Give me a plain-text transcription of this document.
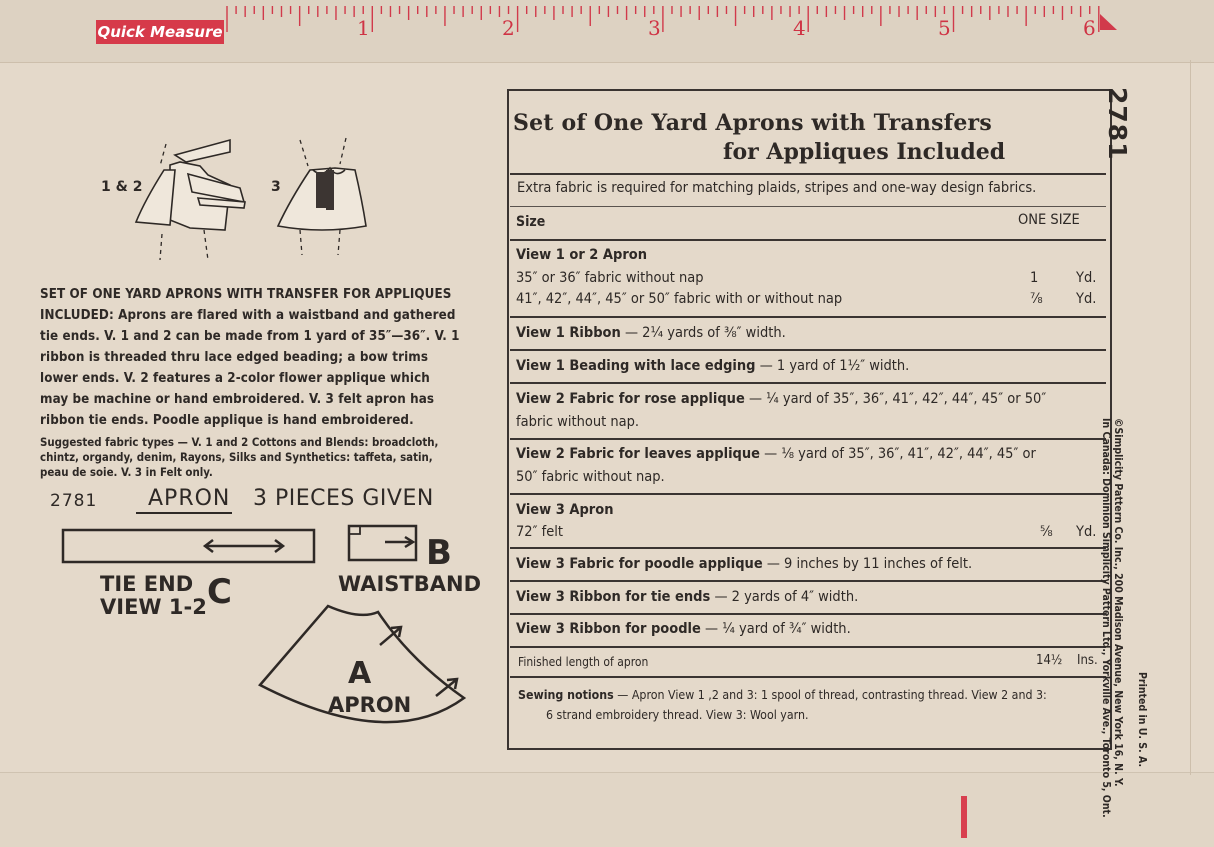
Quick Measure	1	2	3	4	5	6
1 & 2	3

SET OF ONE YARD APRONS WITH TRANSFER FOR APPLIQUES INCLUDED: Aprons are flared with a waistband and gathered tie ends. V. 1 and 2 can be made from 1 yard of 35″—36″. V. 1 ribbon is threaded thru lace edged beading; a bow trims lower ends. V. 2 features a 2-color flower applique which may be machine or hand embroidered. V. 3 felt apron has ribbon tie ends. Poodle applique is hand embroidered.

Suggested fabric types — V. 1 and 2 Cottons and Blends: broadcloth, chintz, organdy, denim, Rayons, Silks and Synthetics: taffeta, satin, peau de soie. V. 3 in Felt only.
2781 APRON 3 PIECES GIVEN
TIE END
VIEW 1-2 C
B
WAISTBAND
A
APRON
Set of One Yard Aprons with Transfers
for Appliques Included
Extra fabric is required for matching plaids, stripes and one-way design fabrics.
Size	ONE SIZE
View 1 or 2 Apron
35″ or 36″ fabric without nap	1	Yd.
41″, 42″, 44″, 45″ or 50″ fabric with or without nap	⅞ Yd.
View 1 Ribbon — 2¼ yards of ⅜″ width.
View 1 Beading with lace edging — 1 yard of 1½″ width.
View 2 Fabric for rose applique — ¼ yard of 35″, 36″, 41″, 42″, 44″, 45″ or 50″
fabric without nap.
View 2 Fabric for leaves applique — ⅛ yard of 35″, 36″, 41″, 42″, 44″, 45″ or
50″ fabric without nap.
View 3 Apron
72″ felt	⅝ Yd.
View 3 Fabric for poodle applique — 9 inches by 11 inches of felt.
View 3 Ribbon for tie ends — 2 yards of 4″ width.
View 3 Ribbon for poodle — ¼ yard of ¾″ width.
Finished length of apron	14½ Ins.
Sewing notions — Apron View 1 ,2 and 3: 1 spool of thread, contrasting thread. View 2 and 3:
6 strand embroidery thread. View 3: Wool yarn.
2781
©Simplicity Pattern Co. Inc., 200 Madison Avenue, New York 16, N. Y.
In Canada: Dominion Simplicity Pattern Ltd., Yorkville Ave., Toronto 5, Ont. Printed in U. S. A.
